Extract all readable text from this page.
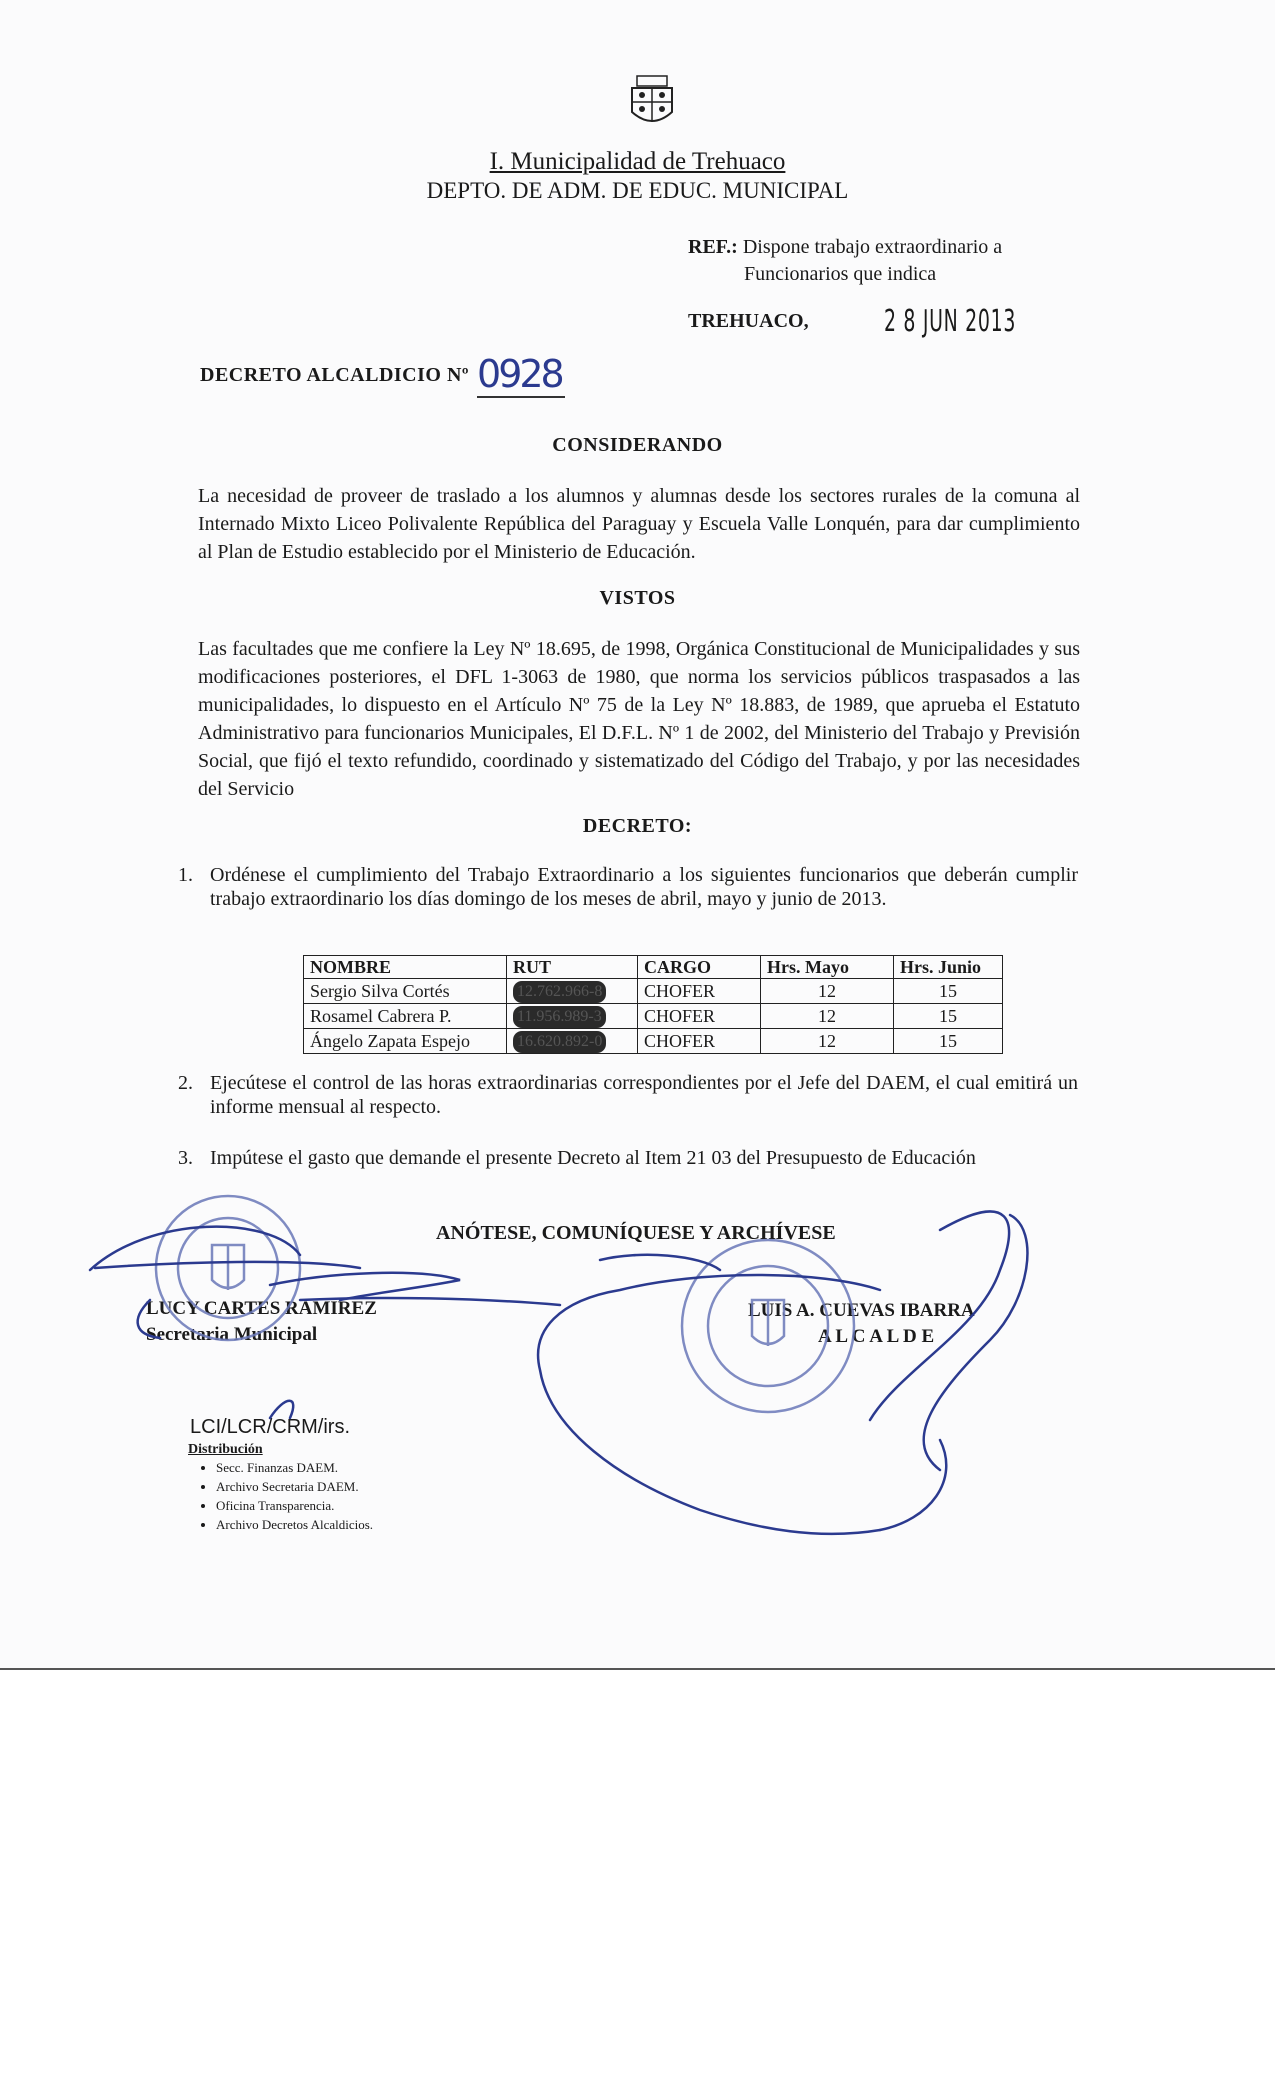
I. Municipalidad de Trehuaco
DEPTO. DE ADM. DE EDUC. MUNICIPAL
REF.: Dispone trabajo extraordinario a
Funcionarios que indica
TREHUACO,	2 8 JUN 2013
DECRETO ALCALDICIO Nº 0928
CONSIDERANDO
La necesidad de proveer de traslado a los alumnos y alumnas desde los sectores rurales de la comuna al Internado Mixto Liceo Polivalente República del Paraguay y Escuela Valle Lonquén, para dar cumplimiento al Plan de Estudio establecido por el Ministerio de Educación.
VISTOS
Las facultades que me confiere la Ley Nº 18.695, de 1998, Orgánica Constitucional de Municipalidades y sus modificaciones posteriores, el DFL 1-3063 de 1980, que norma los servicios públicos traspasados a las municipalidades, lo dispuesto en el Artículo Nº 75 de la Ley Nº 18.883, de 1989, que aprueba el Estatuto Administrativo para funcionarios Municipales, El D.F.L. Nº 1 de 2002, del Ministerio del Trabajo y Previsión Social, que fijó el texto refundido, coordinado y sistematizado del Código del Trabajo, y por las necesidades del Servicio
DECRETO:
1. Ordénese el cumplimiento del Trabajo Extraordinario a los siguientes funcionarios que deberán cumplir trabajo extraordinario los días domingo de los meses de abril, mayo y junio de 2013.
NOMBRE	RUT	CARGO	Hrs. Mayo	Hrs. Junio
Sergio Silva Cortés	12.762.966-8	CHOFER	12	15
Rosamel Cabrera P.	11.956.989-3	CHOFER	12	15
Ángelo Zapata Espejo	16.620.892-0	CHOFER	12	15
2. Ejecútese el control de las horas extraordinarias correspondientes por el Jefe del DAEM, el cual emitirá un informe mensual al respecto.
3. Impútese el gasto que demande el presente Decreto al Item 21 03 del Presupuesto de Educación
ANÓTESE, COMUNÍQUESE Y ARCHÍVESE
LUCY CARTES RAMIREZ
Secretaria Municipal
LUIS A. CUEVAS IBARRA
A L C A L D E
LCI/LCR/CRM/irs.
Distribución
• Secc. Finanzas DAEM.
• Archivo Secretaria DAEM.
• Oficina Transparencia.
• Archivo Decretos Alcaldicios.
